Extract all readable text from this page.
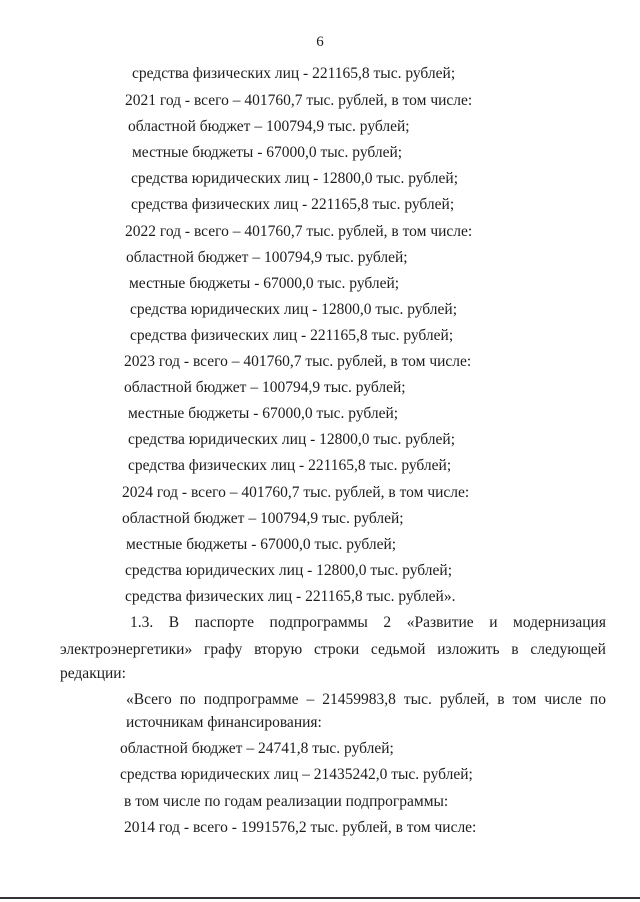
6
средства физических лиц - 221165,8 тыс. рублей;
2021 год - всего – 401760,7 тыс. рублей, в том числе:
областной бюджет – 100794,9 тыс. рублей;
местные бюджеты - 67000,0 тыс. рублей;
средства юридических лиц - 12800,0 тыс. рублей;
средства физических лиц - 221165,8 тыс. рублей;
2022 год - всего – 401760,7 тыс. рублей, в том числе:
областной бюджет – 100794,9 тыс. рублей;
местные бюджеты - 67000,0 тыс. рублей;
средства юридических лиц - 12800,0 тыс. рублей;
средства физических лиц - 221165,8 тыс. рублей;
2023 год - всего – 401760,7 тыс. рублей, в том числе:
областной бюджет – 100794,9 тыс. рублей;
местные бюджеты - 67000,0 тыс. рублей;
средства юридических лиц - 12800,0 тыс. рублей;
средства физических лиц - 221165,8 тыс. рублей;
2024 год - всего – 401760,7 тыс. рублей, в том числе:
областной бюджет – 100794,9 тыс. рублей;
местные бюджеты - 67000,0 тыс. рублей;
средства юридических лиц - 12800,0 тыс. рублей;
средства физических лиц - 221165,8 тыс. рублей».
1.3. В паспорте подпрограммы 2 «Развитие и модернизация
электроэнергетики» графу вторую строки седьмой изложить в следующей
редакции:
«Всего по подпрограмме – 21459983,8 тыс. рублей, в том числе по
источникам финансирования:
областной бюджет – 24741,8 тыс. рублей;
средства юридических лиц – 21435242,0 тыс. рублей;
в том числе по годам реализации подпрограммы:
2014 год - всего - 1991576,2 тыс. рублей, в том числе:
